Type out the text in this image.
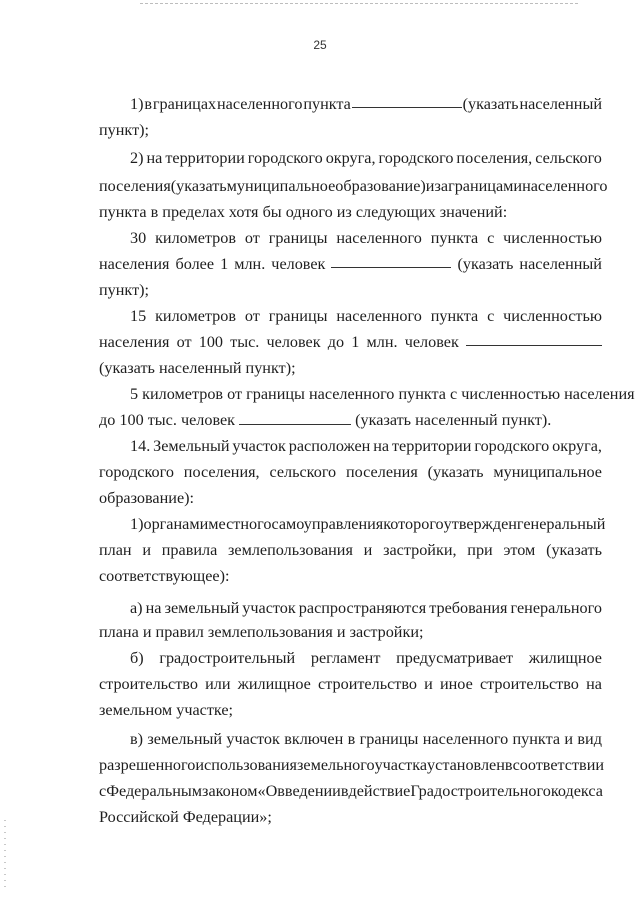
25
1) в границах населенного пункта	(указать населенный
пункт);
2) на территории городского округа, городского поселения, сельского
поселения (указать муниципальное образование) и за границами населенного
пункта в пределах хотя бы одного из следующих значений:
30 километров от границы населенного пункта с численностью
населения более 1 млн. человек	(указать населенный
пункт);
15 километров от границы населенного пункта с численностью
населения от 100 тыс. человек до 1 млн. человек
(указать населенный пункт);
5 километров от границы населенного пункта с численностью населения
до 100 тыс. человек	(указать населенный пункт).
14. Земельный участок расположен на территории городского округа,
городского поселения, сельского поселения (указать муниципальное
образование):
1) органами местного самоуправления которого утвержден генеральный
план и правила землепользования и застройки, при этом (указать
соответствующее):
а) на земельный участок распространяются требования генерального
плана и правил землепользования и застройки;
б) градостроительный регламент предусматривает жилищное
строительство или жилищное строительство и иное строительство на
земельном участке;
в) земельный участок включен в границы населенного пункта и вид
разрешенного использования земельного участка установлен в соответствии
с Федеральным законом «О введении в действие Градостроительного кодекса
Российской Федерации»;
